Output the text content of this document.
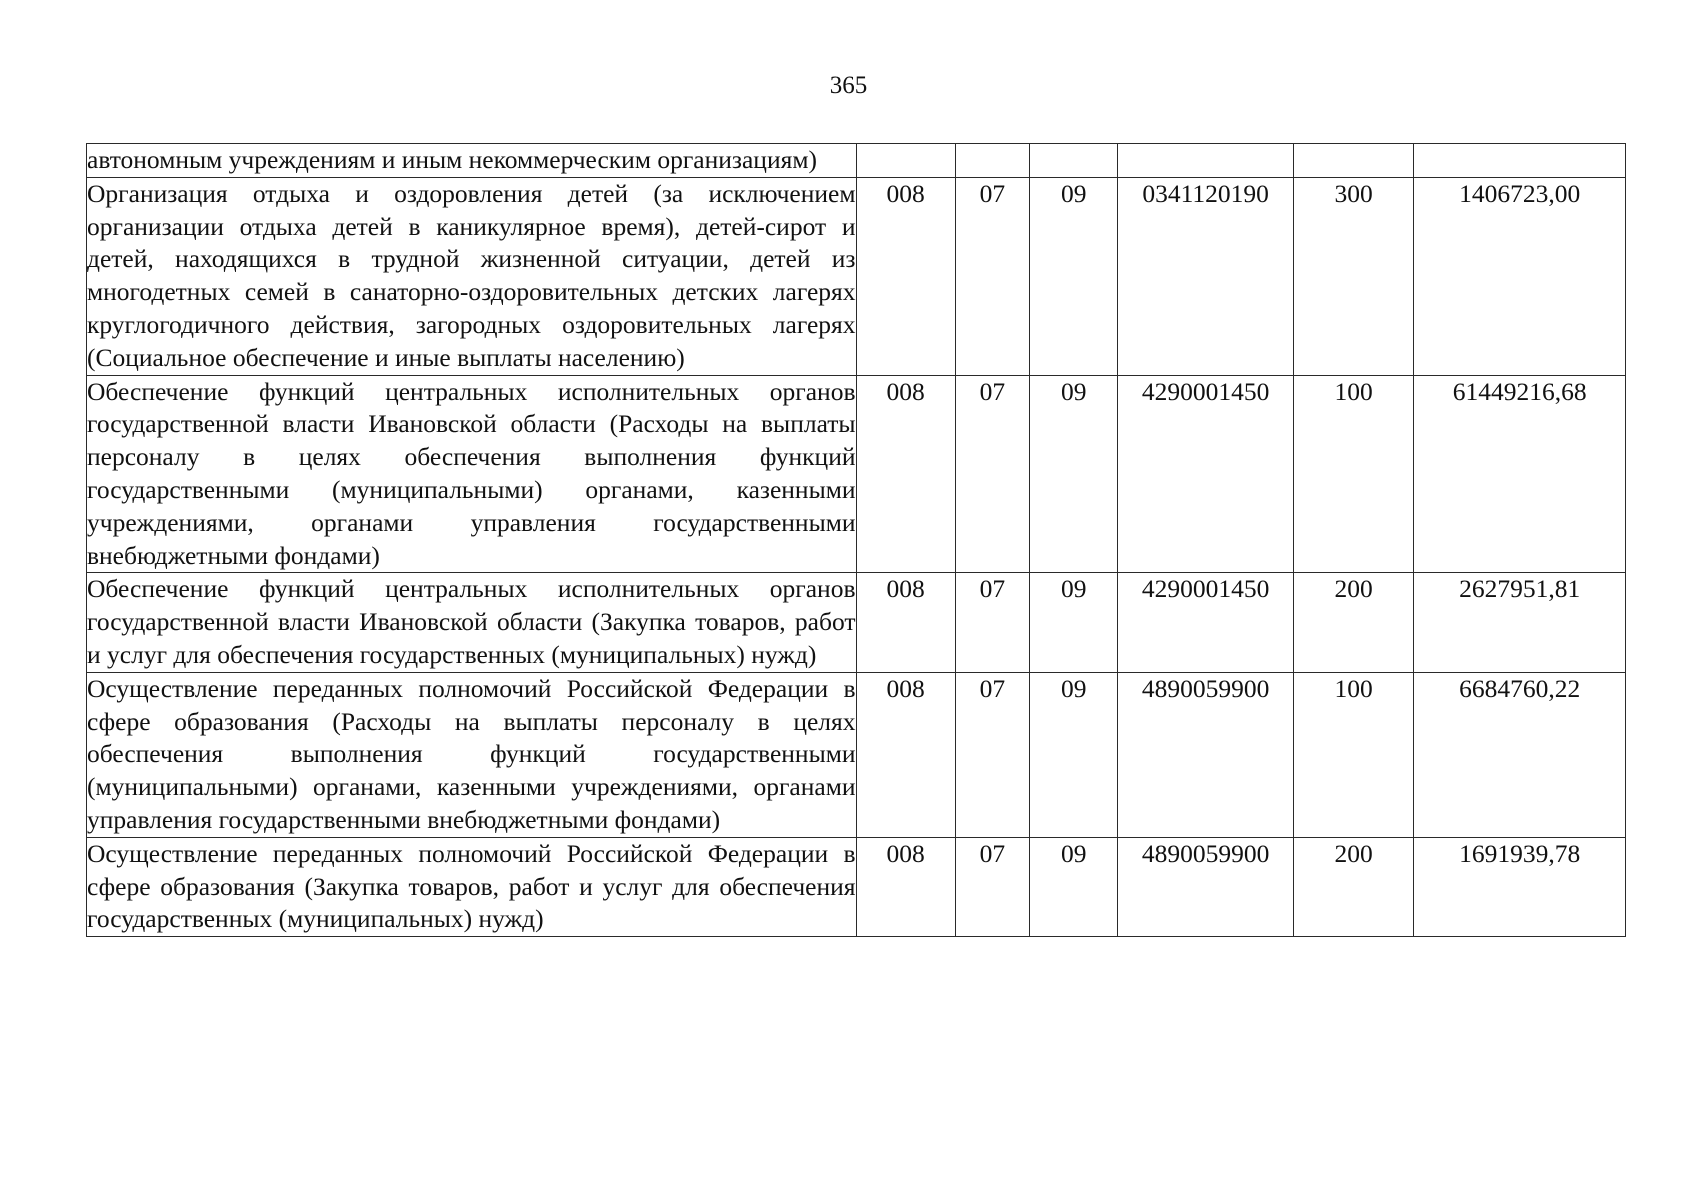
365
автономным учреждениям и иным некоммерческим организациям)						
Организация отдыха и оздоровления детей (за исключением организации отдыха детей в каникулярное время), детей-сирот и детей, находящихся в трудной жизненной ситуации, детей из многодетных семей в санаторно-оздоровительных детских лагерях круглогодичного действия, загородных оздоровительных лагерях (Социальное обеспечение и иные выплаты населению)	008	07	09	0341120190	300	1406723,00
Обеспечение функций центральных исполнительных органов государственной власти Ивановской области (Расходы на выплаты персоналу в целях обеспечения выполнения функций государственными (муниципальными) органами, казенными учреждениями, органами управления государственными внебюджетными фондами)	008	07	09	4290001450	100	61449216,68
Обеспечение функций центральных исполнительных органов государственной власти Ивановской области (Закупка товаров, работ и услуг для обеспечения государственных (муниципальных) нужд)	008	07	09	4290001450	200	2627951,81
Осуществление переданных полномочий Российской Федерации в сфере образования (Расходы на выплаты персоналу в целях обеспечения выполнения функций государственными (муниципальными) органами, казенными учреждениями, органами управления государственными внебюджетными фондами)	008	07	09	4890059900	100	6684760,22
Осуществление переданных полномочий Российской Федерации в сфере образования (Закупка товаров, работ и услуг для обеспечения государственных (муниципальных) нужд)	008	07	09	4890059900	200	1691939,78
